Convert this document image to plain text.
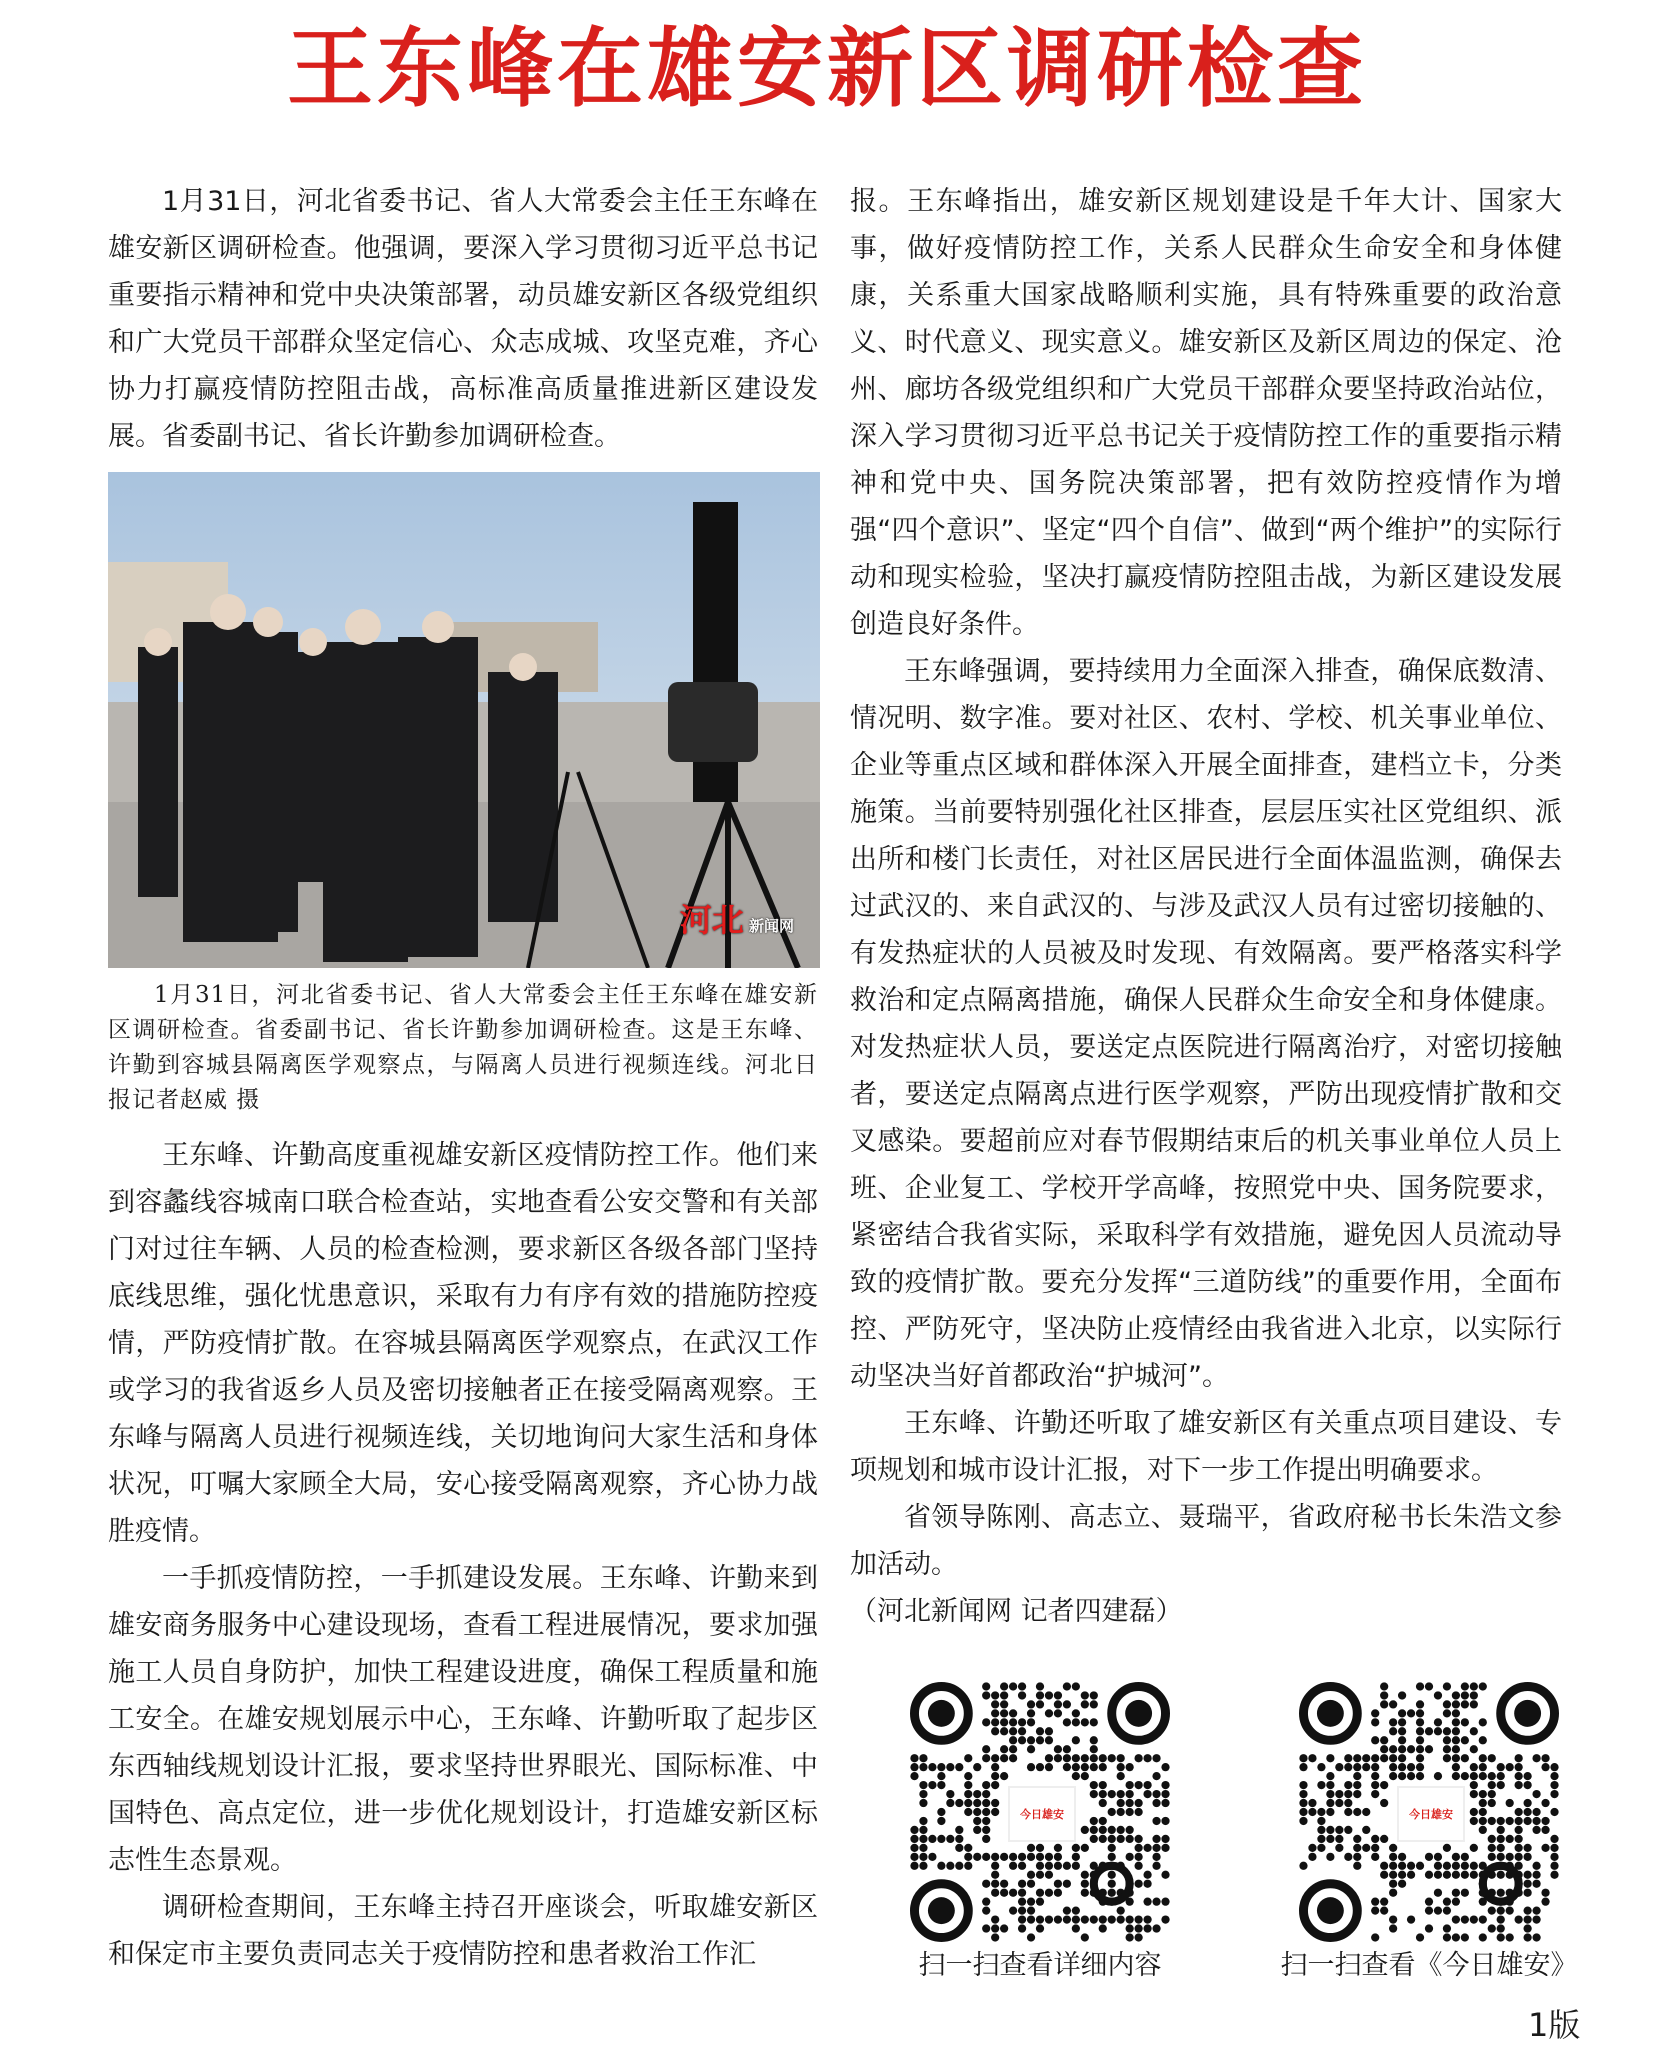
王东峰在雄安新区调研检查

1月31日，河北省委书记、省人大常委会主任王东峰在雄安新区调研检查。他强调，要深入学习贯彻习近平总书记重要指示精神和党中央决策部署，动员雄安新区各级党组织和广大党员干部群众坚定信心、众志成城、攻坚克难，齐心协力打赢疫情防控阻击战，高标准高质量推进新区建设发展。省委副书记、省长许勤参加调研检查。

河北 新闻网
1月31日，河北省委书记、省人大常委会主任王东峰在雄安新区调研检查。省委副书记、省长许勤参加调研检查。这是王东峰、许勤到容城县隔离医学观察点，与隔离人员进行视频连线。河北日报记者赵威 摄

王东峰、许勤高度重视雄安新区疫情防控工作。他们来到容蠡线容城南口联合检查站，实地查看公安交警和有关部门对过往车辆、人员的检查检测，要求新区各级各部门坚持底线思维，强化忧患意识，采取有力有序有效的措施防控疫情，严防疫情扩散。在容城县隔离医学观察点，在武汉工作或学习的我省返乡人员及密切接触者正在接受隔离观察。王东峰与隔离人员进行视频连线，关切地询问大家生活和身体状况，叮嘱大家顾全大局，安心接受隔离观察，齐心协力战胜疫情。

一手抓疫情防控，一手抓建设发展。王东峰、许勤来到雄安商务服务中心建设现场，查看工程进展情况，要求加强施工人员自身防护，加快工程建设进度，确保工程质量和施工安全。在雄安规划展示中心，王东峰、许勤听取了起步区东西轴线规划设计汇报，要求坚持世界眼光、国际标准、中国特色、高点定位，进一步优化规划设计，打造雄安新区标志性生态景观。

调研检查期间，王东峰主持召开座谈会，听取雄安新区和保定市主要负责同志关于疫情防控和患者救治工作汇

报。王东峰指出，雄安新区规划建设是千年大计、国家大事，做好疫情防控工作，关系人民群众生命安全和身体健康，关系重大国家战略顺利实施，具有特殊重要的政治意义、时代意义、现实意义。雄安新区及新区周边的保定、沧州、廊坊各级党组织和广大党员干部群众要坚持政治站位，深入学习贯彻习近平总书记关于疫情防控工作的重要指示精神和党中央、国务院决策部署，把有效防控疫情作为增强“四个意识”、坚定“四个自信”、做到“两个维护”的实际行动和现实检验，坚决打赢疫情防控阻击战，为新区建设发展创造良好条件。

王东峰强调，要持续用力全面深入排查，确保底数清、情况明、数字准。要对社区、农村、学校、机关事业单位、企业等重点区域和群体深入开展全面排查，建档立卡，分类施策。当前要特别强化社区排查，层层压实社区党组织、派出所和楼门长责任，对社区居民进行全面体温监测，确保去过武汉的、来自武汉的、与涉及武汉人员有过密切接触的、有发热症状的人员被及时发现、有效隔离。要严格落实科学救治和定点隔离措施，确保人民群众生命安全和身体健康。对发热症状人员，要送定点医院进行隔离治疗，对密切接触者，要送定点隔离点进行医学观察，严防出现疫情扩散和交叉感染。要超前应对春节假期结束后的机关事业单位人员上班、企业复工、学校开学高峰，按照党中央、国务院要求，紧密结合我省实际，采取科学有效措施，避免因人员流动导致的疫情扩散。要充分发挥“三道防线”的重要作用，全面布控、严防死守，坚决防止疫情经由我省进入北京，以实际行动坚决当好首都政治“护城河”。

王东峰、许勤还听取了雄安新区有关重点项目建设、专项规划和城市设计汇报，对下一步工作提出明确要求。

省领导陈刚、高志立、聂瑞平，省政府秘书长朱浩文参加活动。

（河北新闻网 记者四建磊）

今日雄安
扫一扫查看详细内容
今日雄安
扫一扫查看《今日雄安》
1版
